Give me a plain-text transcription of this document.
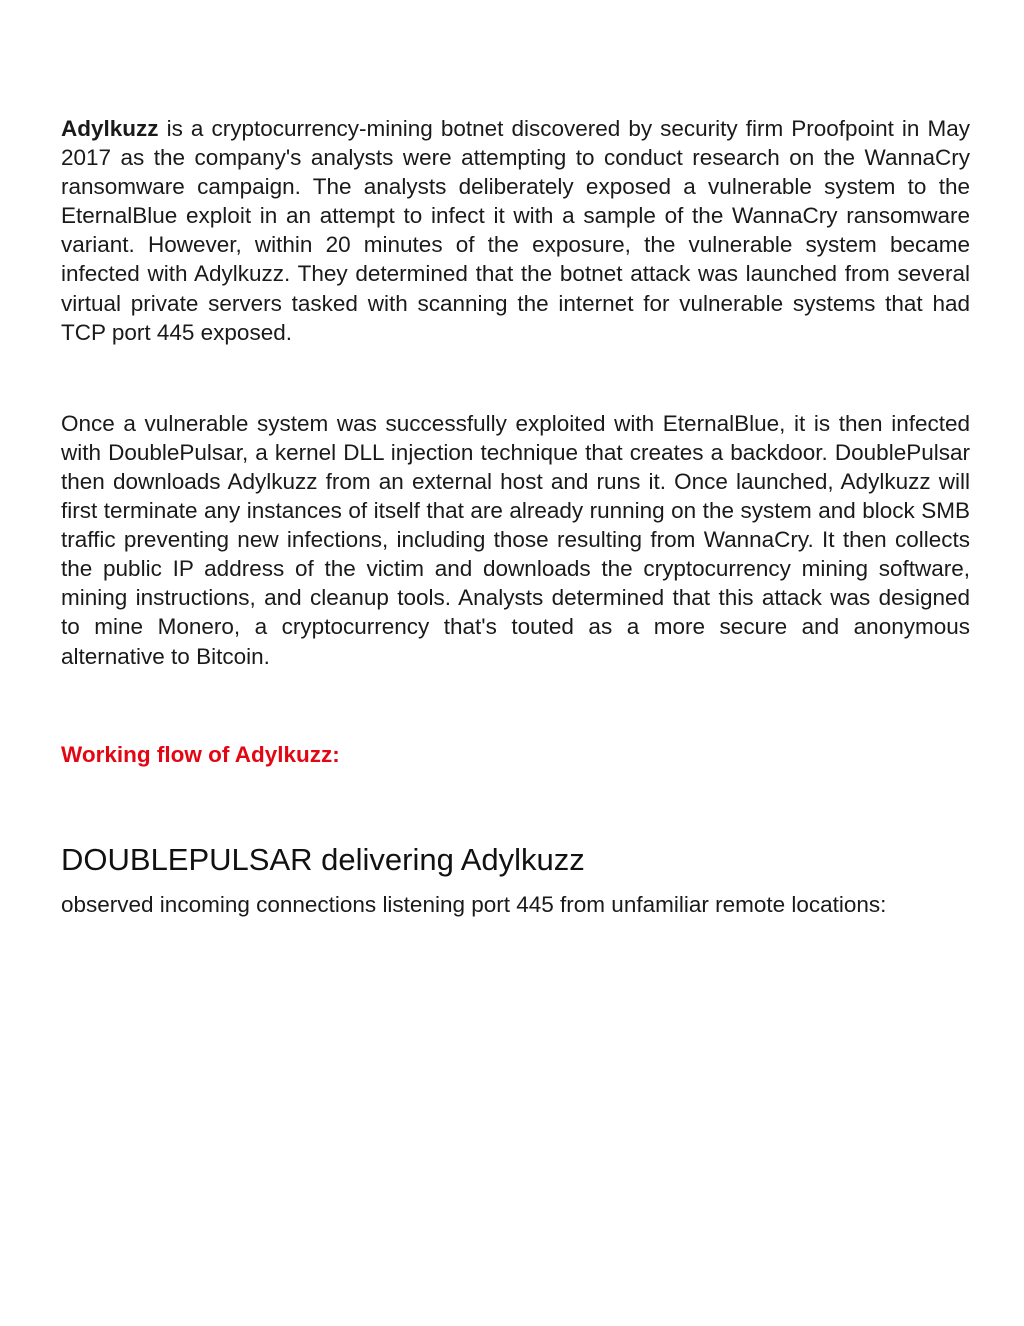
Adylkuzz is a cryptocurrency-mining botnet discovered by security firm Proofpoint in May 2017 as the company's analysts were attempting to conduct research on the WannaCry ransomware campaign. The analysts deliberately exposed a vulnerable system to the EternalBlue exploit in an attempt to infect it with a sample of the WannaCry ransomware variant. However, within 20 minutes of the exposure, the vulnerable system became infected with Adylkuzz. They determined that the botnet attack was launched from several virtual private servers tasked with scanning the internet for vulnerable systems that had TCP port 445 exposed.

Once a vulnerable system was successfully exploited with EternalBlue, it is then infected with DoublePulsar, a kernel DLL injection technique that creates a backdoor. DoublePulsar then downloads Adylkuzz from an external host and runs it. Once launched, Adylkuzz will first terminate any instances of itself that are already running on the system and block SMB traffic preventing new infections, including those resulting from WannaCry. It then collects the public IP address of the victim and downloads the cryptocurrency mining software, mining instructions, and cleanup tools. Analysts determined that this attack was designed to mine Monero, a cryptocurrency that's touted as a more secure and anonymous alternative to Bitcoin.

Working flow of Adylkuzz:

DOUBLEPULSAR delivering Adylkuzz

observed incoming connections listening port 445 from unfamiliar remote locations:
